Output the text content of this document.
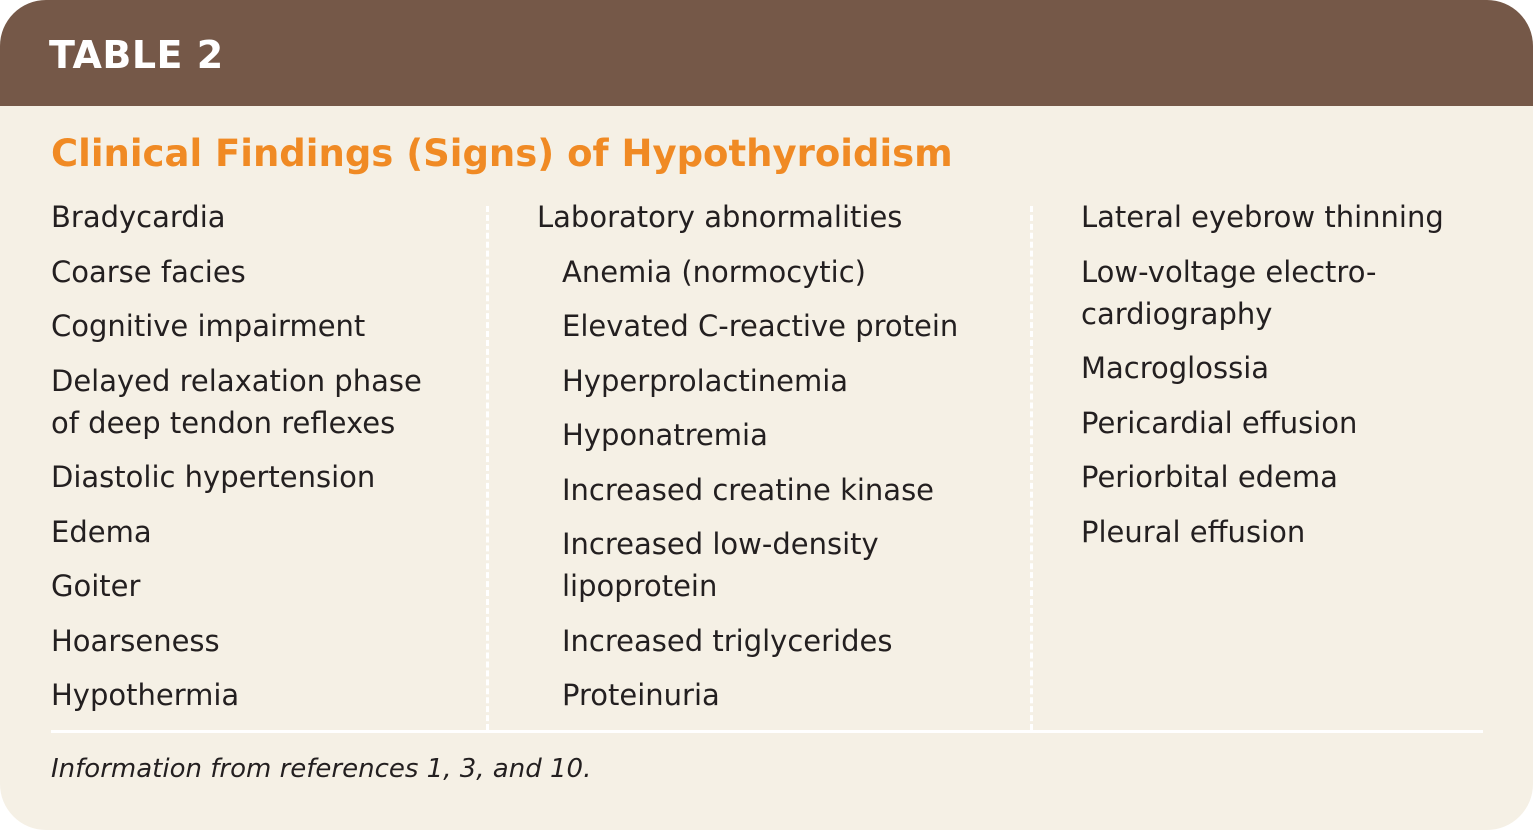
TABLE 2
Clinical Findings (Signs) of Hypothyroidism
Bradycardia
Coarse facies
Cognitive impairment
Delayed relaxation phase
of deep tendon reflexes
Diastolic hypertension
Edema
Goiter
Hoarseness
Hypothermia
Laboratory abnormalities
Anemia (normocytic)
Elevated C-reactive protein
Hyperprolactinemia
Hyponatremia
Increased creatine kinase
Increased low-density
lipoprotein
Increased triglycerides
Proteinuria
Lateral eyebrow thinning
Low-voltage electro-
cardiography
Macroglossia
Pericardial effusion
Periorbital edema
Pleural effusion
Information from references 1, 3, and 10.
